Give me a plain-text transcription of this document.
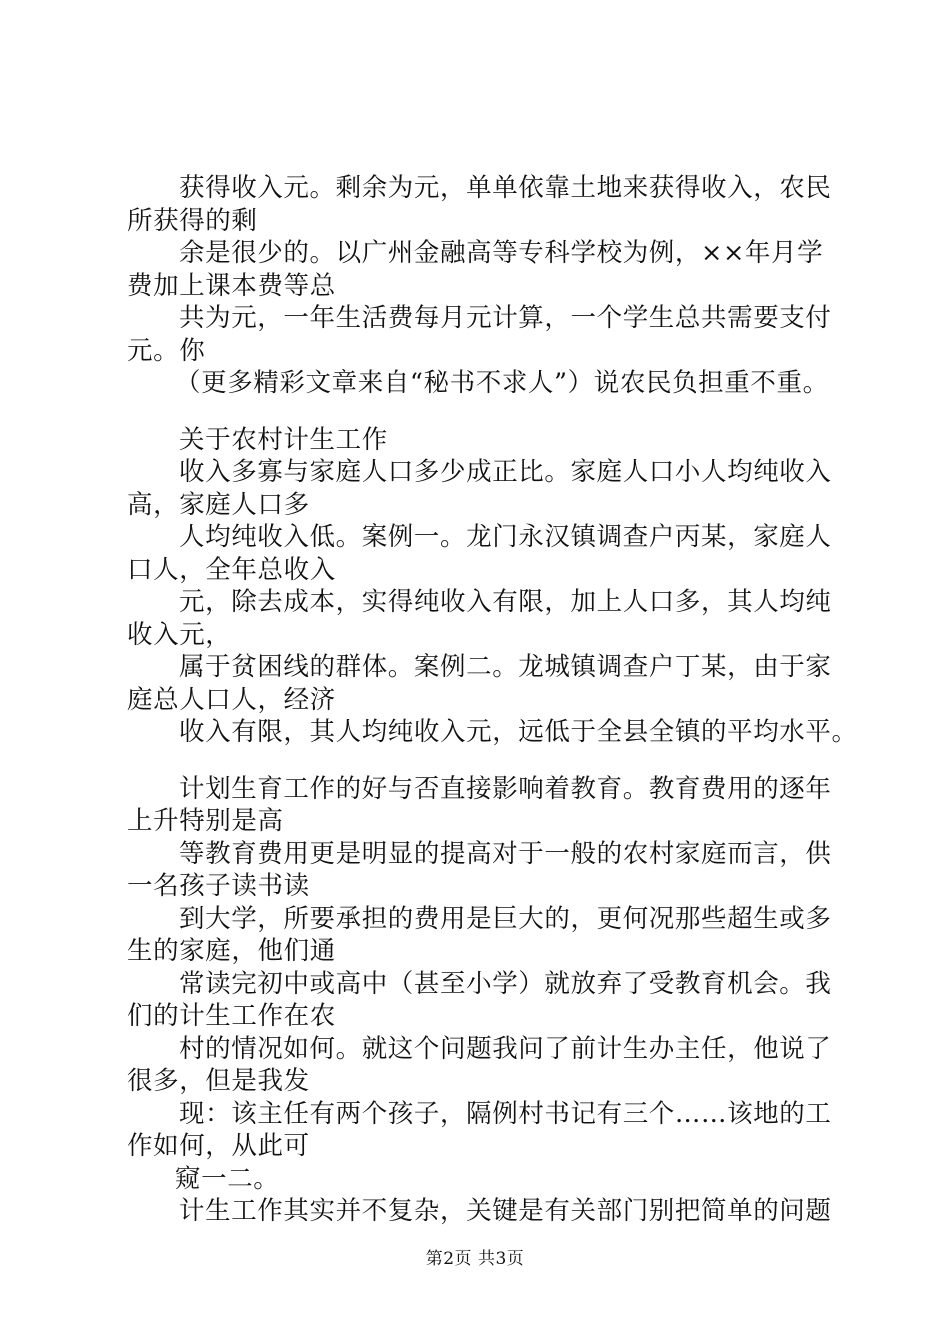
获得收入元。剩余为元，单单依靠土地来获得收入，农民
所获得的剩
余是很少的。以广州金融高等专科学校为例，××年月学
费加上课本费等总
共为元，一年生活费每月元计算，一个学生总共需要支付
元。你
（更多精彩文章来自“秘书不求人”）说农民负担重不重。
关于农村计生工作
收入多寡与家庭人口多少成正比。家庭人口小人均纯收入
高，家庭人口多
人均纯收入低。案例一。龙门永汉镇调查户丙某，家庭人
口人，全年总收入
元，除去成本，实得纯收入有限，加上人口多，其人均纯
收入元，
属于贫困线的群体。案例二。龙城镇调查户丁某，由于家
庭总人口人，经济
收入有限，其人均纯收入元，远低于全县全镇的平均水平。
计划生育工作的好与否直接影响着教育。教育费用的逐年
上升特别是高
等教育费用更是明显的提高对于一般的农村家庭而言，供
一名孩子读书读
到大学，所要承担的费用是巨大的，更何况那些超生或多
生的家庭，他们通
常读完初中或高中（甚至小学）就放弃了受教育机会。我
们的计生工作在农
村的情况如何。就这个问题我问了前计生办主任，他说了
很多，但是我发
现：该主任有两个孩子，隔例村书记有三个……该地的工
作如何，从此可
窥一二。
计生工作其实并不复杂，关键是有关部门别把简单的问题
第2页 共3页
